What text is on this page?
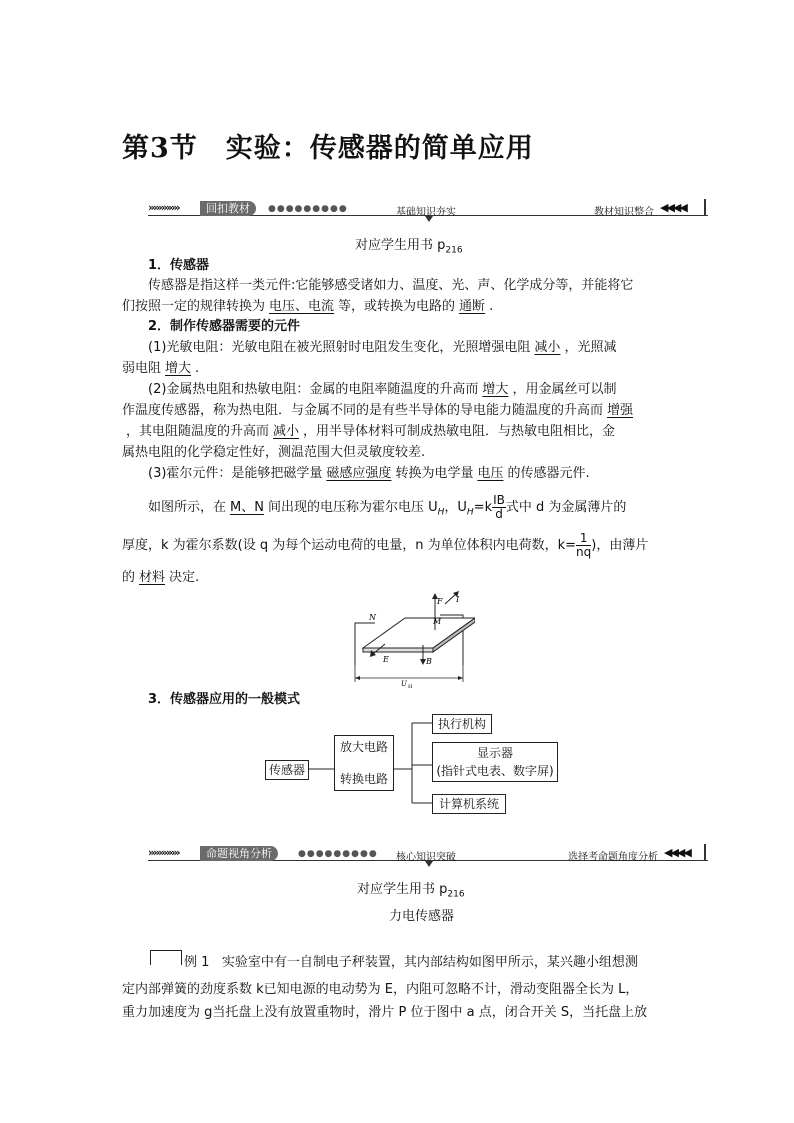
第3节 实验：传感器的简单应用
»»»»»»	回扣教材	●●●●●●●●●	基础知识夯实	教材知识整合 ◀◀◀◀
对应学生用书 $p_{216}$
1．传感器
传感器是指这样一类元件:它能够感受诸如力、温度、光、声、化学成分等，并能将它
们按照一定的规律转换为 电压、电流 等，或转换为电路的 通断 .
2．制作传感器需要的元件
(1)光敏电阻：光敏电阻在被光照射时电阻发生变化，光照增强电阻 减小 ，光照减
弱电阻 增大 .
(2)金属热电阻和热敏电阻：金属的电阻率随温度的升高而 增大 ，用金属丝可以制
作温度传感器，称为热电阻．与金属不同的是有些半导体的导电能力随温度的升高而 增强
，其电阻随温度的升高而 减小 ，用半导体材料可制成热敏电阻．与热敏电阻相比，金
属热电阻的化学稳定性好，测温范围大但灵敏度较差.
(3)霍尔元件：是能够把磁学量 磁感应强度 转换为电学量 电压 的传感器元件.
如图所示，在 M、N 间出现的电压称为霍尔电压 $U_H$，$U_H=k \frac{IB}{d}$ 式中 d 为金属薄片的
厚度，k 为霍尔系数(设 q 为每个运动电荷的电量，n 为单位体积内电荷数，$k= \frac{1}{nq}$ )，由薄片
的 材料 决定.
N	M
F I
E	B
U H
3．传感器应用的一般模式
传感器
放大电路
转换电路
执行机构
显示器
(指针式电表、数字屏)
计算机系统
»»»»»»	命题视角分析	●●●●●●●●● 核心知识突破	选择考命题角度分析 ◀◀◀◀
对应学生用书 $p_{216}$
力电传感器
例 1 实验室中有一自制电子秤装置，其内部结构如图甲所示，某兴趣小组想测
定内部弹簧的劲度系数 k已知电源的电动势为 E，内阻可忽略不计，滑动变阻器全长为 L，
重力加速度为 g当托盘上没有放置重物时，滑片 P 位于图中 a 点，闭合开关 S，当托盘上放
